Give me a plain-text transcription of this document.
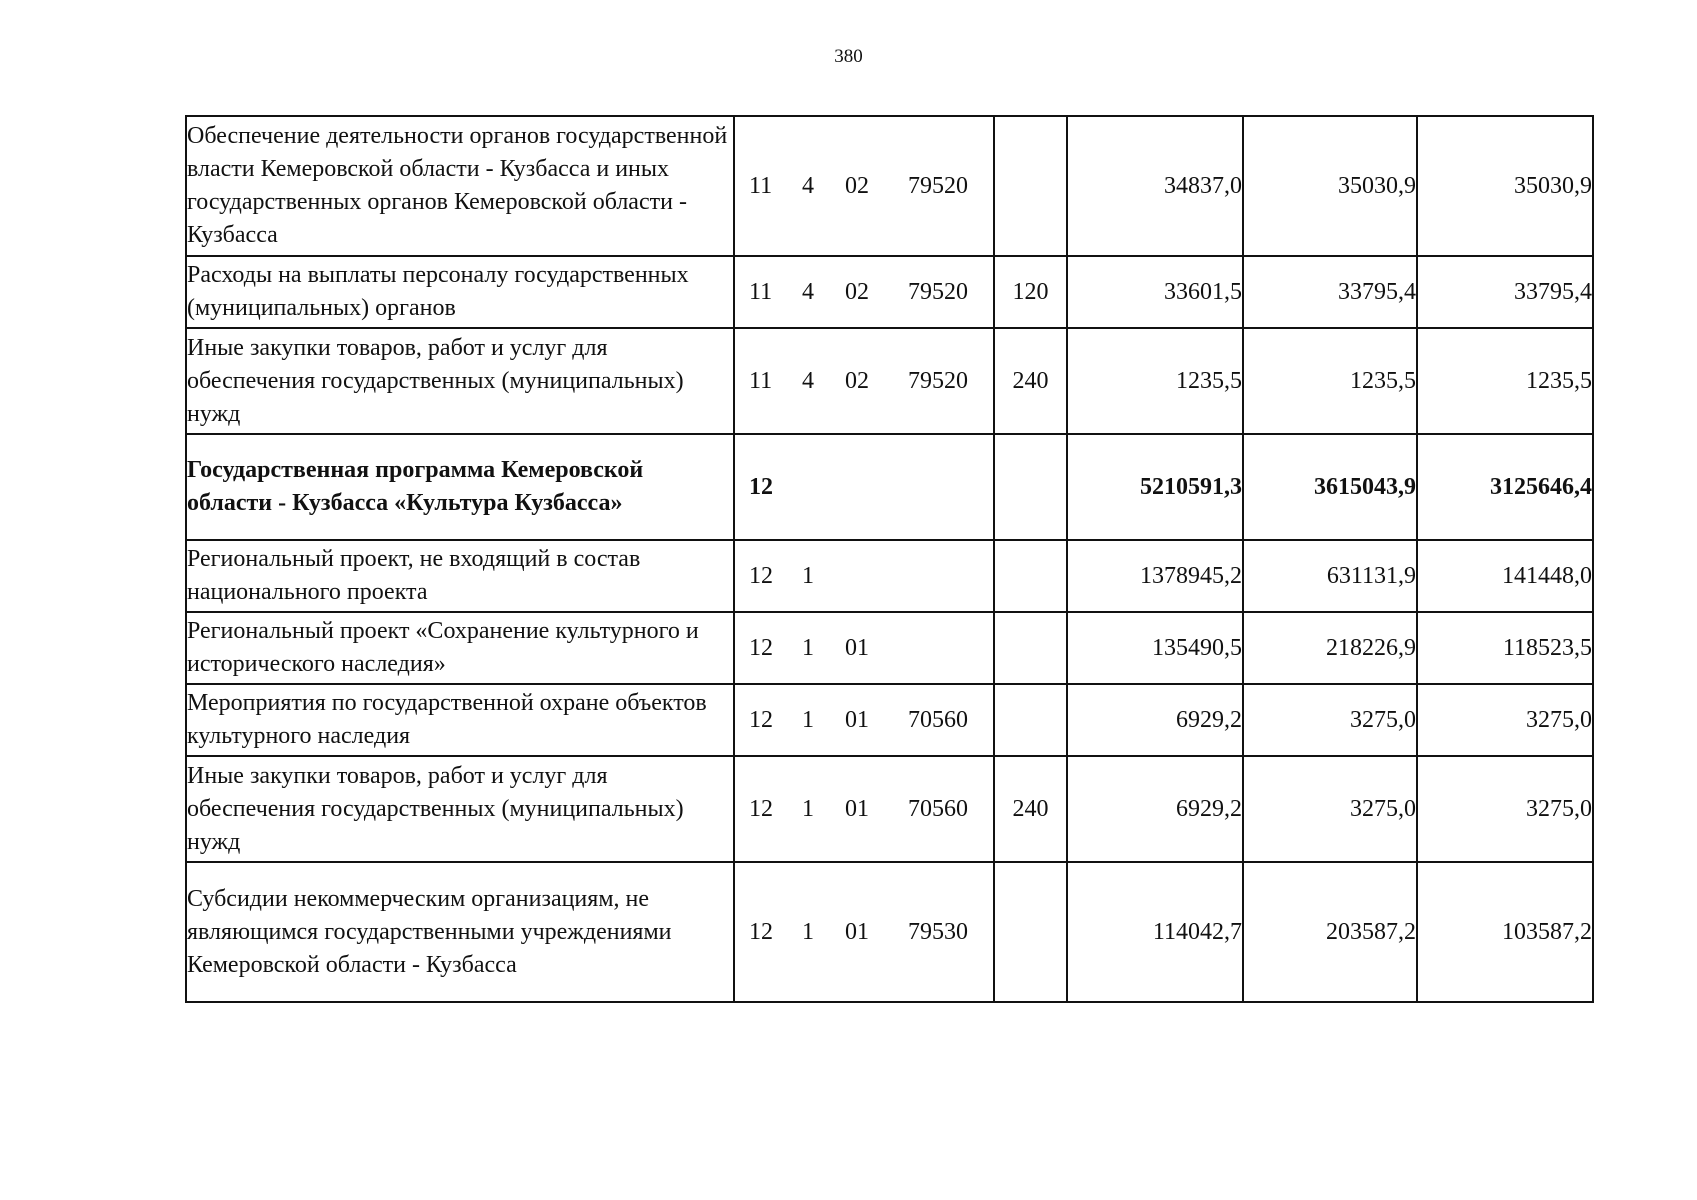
380
Обеспечение деятельности органов государственной власти Кемеровской области - Кузбасса и иных государственных органов Кемеровской области - Кузбасса	11 4 02 79520		34837,0	35030,9	35030,9
Расходы на выплаты персоналу государственных (муниципальных) органов	11 4 02 79520	120	33601,5	33795,4	33795,4
Иные закупки товаров, работ и услуг для обеспечения государственных (муниципальных) нужд	11 4 02 79520	240	1235,5	1235,5	1235,5
Государственная программа Кемеровской области - Кузбасса «Культура Кузбасса»	12		5210591,3	3615043,9	3125646,4
Региональный проект, не входящий в состав национального проекта	12 1		1378945,2	631131,9	141448,0
Региональный проект «Сохранение культурного и исторического наследия»	12 1 01		135490,5	218226,9	118523,5
Мероприятия по государственной охране объектов культурного наследия	12 1 01 70560		6929,2	3275,0	3275,0
Иные закупки товаров, работ и услуг для обеспечения государственных (муниципальных) нужд	12 1 01 70560	240	6929,2	3275,0	3275,0
Субсидии некоммерческим организациям, не являющимся государственными учреждениями Кемеровской области - Кузбасса	12 1 01 79530		114042,7	203587,2	103587,2
